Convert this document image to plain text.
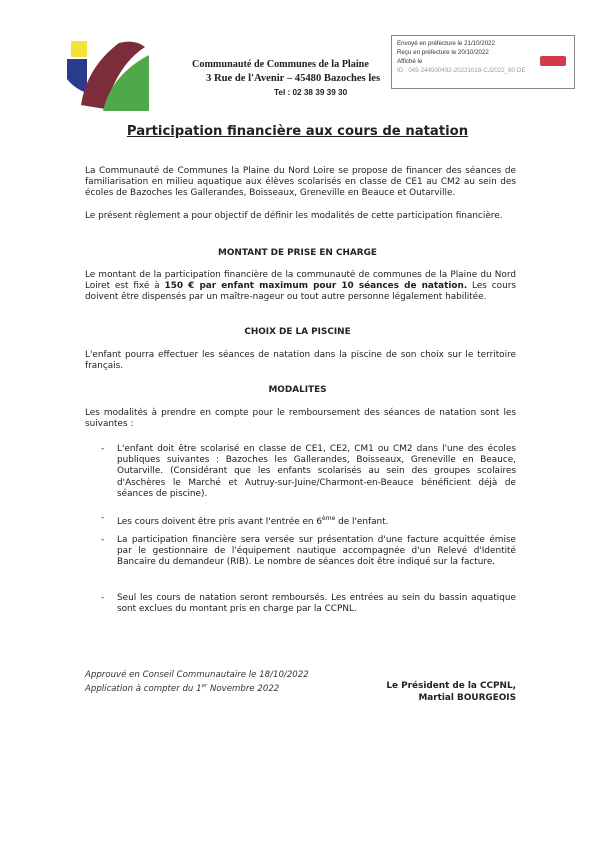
Communauté de Communes de la Plaine
3 Rue de l'Avenir – 45480 Bazoches les
Tel : 02 38 39 39 30
Envoyé en préfecture le 21/10/2022
Reçu en préfecture le 20/10/2022
Affiché le
ID : 045-244500492-20221018-CJ2022_60-DE
Participation financière aux cours de natation
La Communauté de Communes la Plaine du Nord Loire se propose de financer des séances de familiarisation en milieu aquatique aux élèves scolarisés en classe de CE1 au CM2 au sein des écoles de Bazoches les Gallerandes, Boisseaux, Greneville en Beauce et Outarville.
Le présent règlement a pour objectif de définir les modalités de cette participation financière.
MONTANT DE PRISE EN CHARGE
Le montant de la participation financière de la communauté de communes de la Plaine du Nord Loiret est fixé à 150 € par enfant maximum pour 10 séances de natation. Les cours doivent être dispensés par un maître-nageur ou tout autre personne légalement habilitée.
CHOIX DE LA PISCINE
L'enfant pourra effectuer les séances de natation dans la piscine de son choix sur le territoire français.
MODALITES
Les modalités à prendre en compte pour le remboursement des séances de natation sont les suivantes :
- L'enfant doit être scolarisé en classe de CE1, CE2, CM1 ou CM2 dans l'une des écoles publiques suivantes : Bazoches les Gallerandes, Boisseaux, Greneville en Beauce, Outarville. (Considérant que les enfants scolarisés au sein des groupes scolaires d'Aschères le Marché et Autruy-sur-Juine/Charmont-en-Beauce bénéficient déjà de séances de piscine).
- Les cours doivent être pris avant l'entrée en 6ème de l'enfant.
- La participation financière sera versée sur présentation d'une facture acquittée émise par le gestionnaire de l'équipement nautique accompagnée d'un Relevé d'Identité Bancaire du demandeur (RIB). Le nombre de séances doit être indiqué sur la facture.
- Seul les cours de natation seront remboursés. Les entrées au sein du bassin aquatique sont exclues du montant pris en charge par la CCPNL.
Approuvé en Conseil Communautaire le 18/10/2022
Application à compter du 1er Novembre 2022	Le Président de la CCPNL,
Martial BOURGEOIS
